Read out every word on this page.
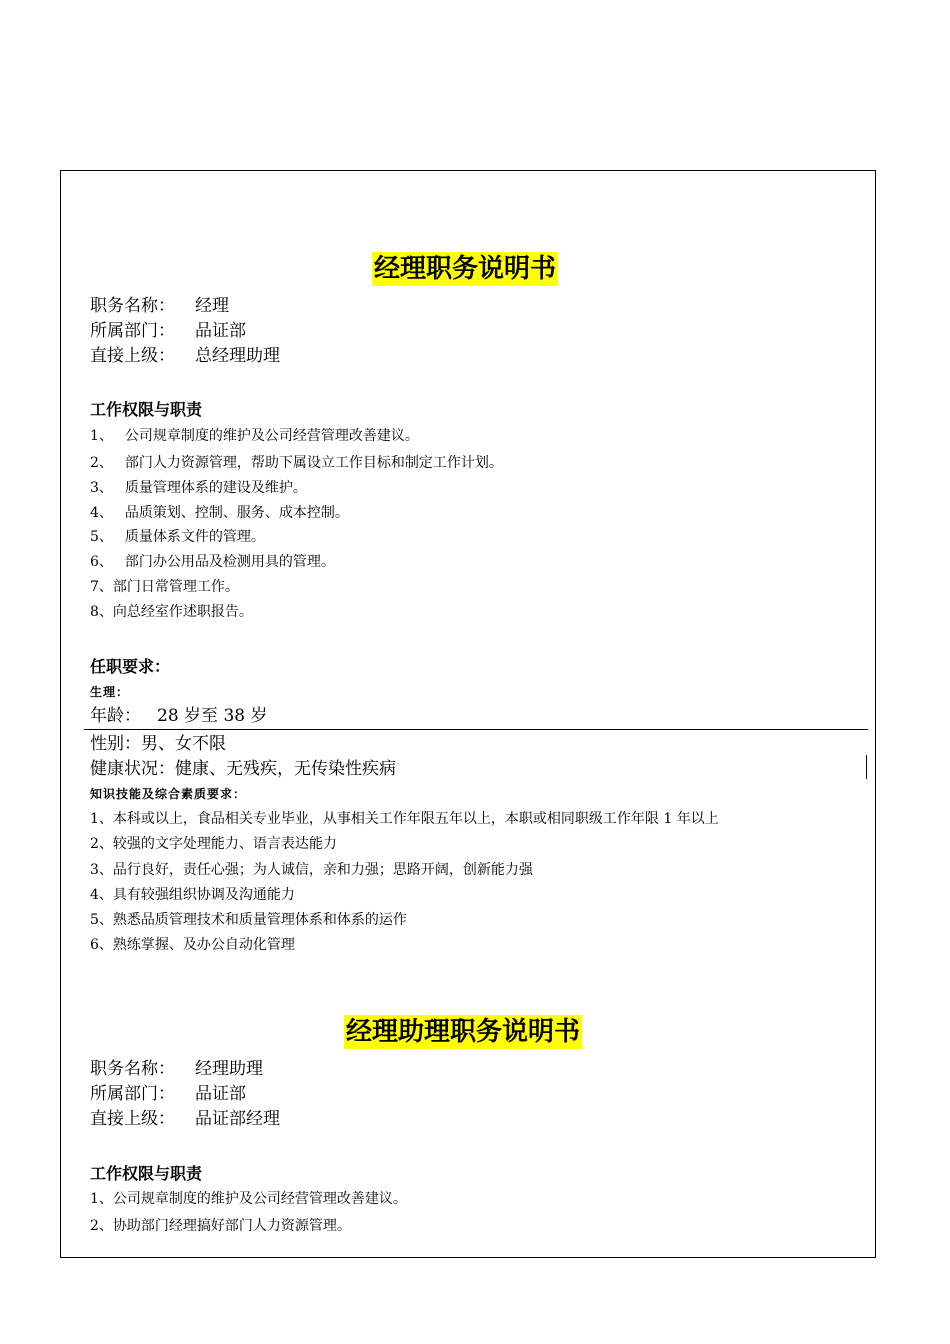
经理职务说明书
职务名称： 经理
所属部门： 品证部
直接上级： 总经理助理
工作权限与职责
1、 公司规章制度的维护及公司经营管理改善建议。
2、 部门人力资源管理，帮助下属设立工作目标和制定工作计划。
3、 质量管理体系的建设及维护。
4、 品质策划、控制、服务、成本控制。
5、 质量体系文件的管理。
6、 部门办公用品及检测用具的管理。
7、部门日常管理工作。
8、向总经室作述职报告。
任职要求：
生理：
年龄： 28 岁至 38 岁
性别：男、女不限
健康状况：健康、无残疾，无传染性疾病
知识技能及综合素质要求：
1、本科或以上，食品相关专业毕业，从事相关工作年限五年以上，本职或相同职级工作年限 1 年以上
2、较强的文字处理能力、语言表达能力
3、品行良好，责任心强；为人诚信，亲和力强；思路开阔，创新能力强
4、具有较强组织协调及沟通能力
5、熟悉品质管理技术和质量管理体系和体系的运作
6、熟练掌握、及办公自动化管理
经理助理职务说明书
职务名称： 经理助理
所属部门： 品证部
直接上级： 品证部经理
工作权限与职责
1、公司规章制度的维护及公司经营管理改善建议。
2、协助部门经理搞好部门人力资源管理。
